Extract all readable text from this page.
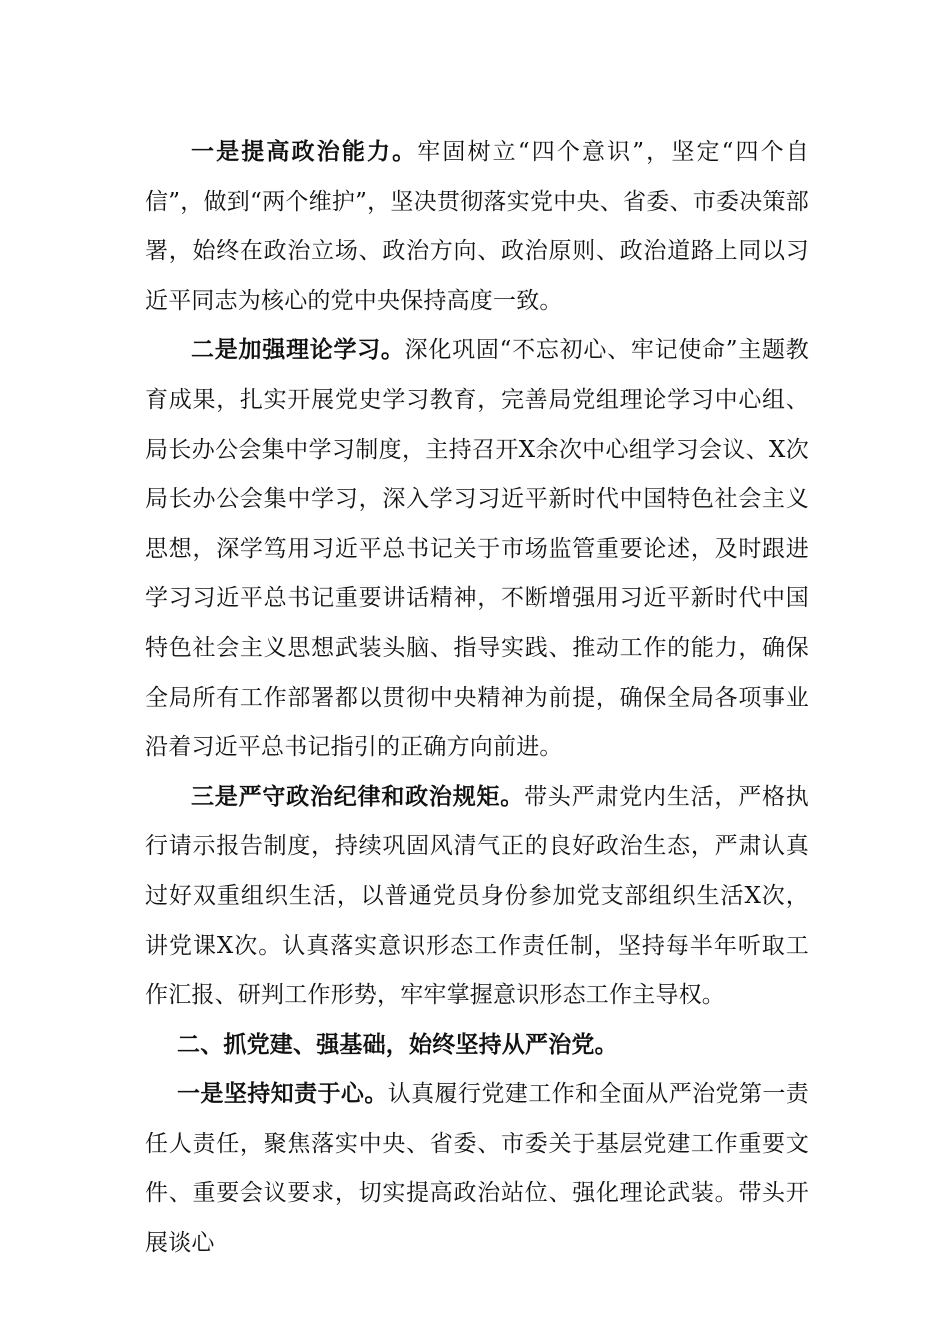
一是提高政治能力。牢固树立“四个意识”，坚定“四个自信”，做到“两个维护”，坚决贯彻落实党中央、省委、市委决策部署，始终在政治立场、政治方向、政治原则、政治道路上同以习近平同志为核心的党中央保持高度一致。

二是加强理论学习。深化巩固“不忘初心、牢记使命”主题教育成果，扎实开展党史学习教育，完善局党组理论学习中心组、局长办公会集中学习制度，主持召开X余次中心组学习会议、X次局长办公会集中学习，深入学习习近平新时代中国特色社会主义思想，深学笃用习近平总书记关于市场监管重要论述，及时跟进学习习近平总书记重要讲话精神，不断增强用习近平新时代中国特色社会主义思想武装头脑、指导实践、推动工作的能力，确保全局所有工作部署都以贯彻中央精神为前提，确保全局各项事业沿着习近平总书记指引的正确方向前进。

三是严守政治纪律和政治规矩。带头严肃党内生活，严格执行请示报告制度，持续巩固风清气正的良好政治生态，严肃认真过好双重组织生活，以普通党员身份参加党支部组织生活X次，讲党课X次。认真落实意识形态工作责任制，坚持每半年听取工作汇报、研判工作形势，牢牢掌握意识形态工作主导权。

二、抓党建、强基础，始终坚持从严治党。

一是坚持知责于心。认真履行党建工作和全面从严治党第一责任人责任，聚焦落实中央、省委、市委关于基层党建工作重要文件、重要会议要求，切实提高政治站位、强化理论武装。带头开展谈心
